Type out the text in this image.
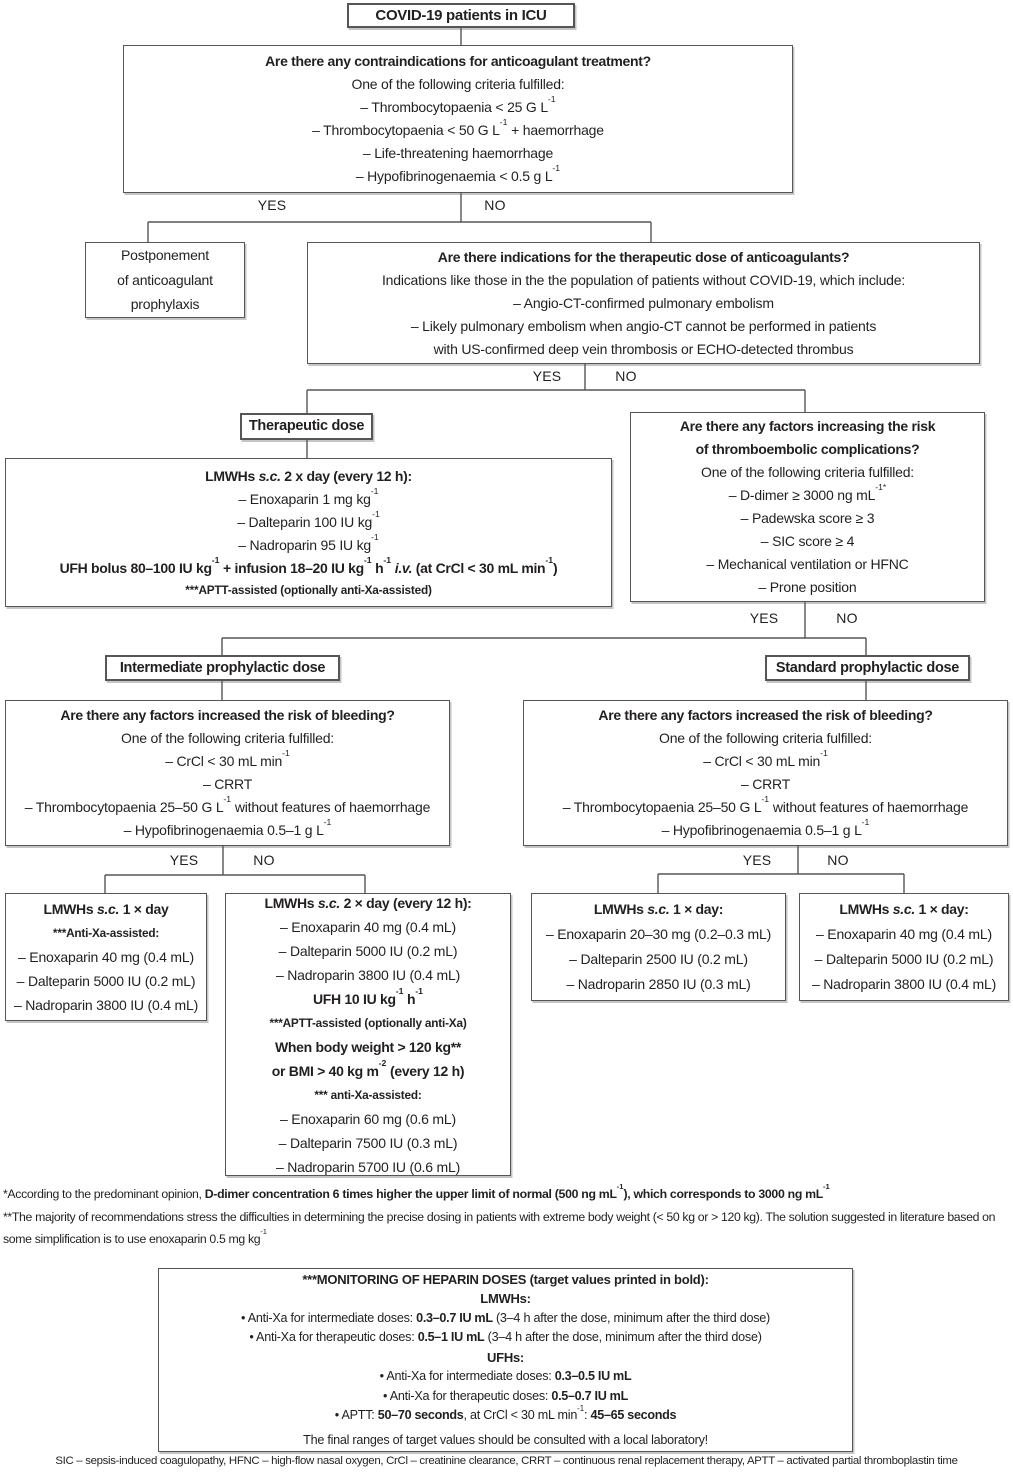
COVID-19 patients in ICU
Are there any contraindications for anticoagulant treatment?
One of the following criteria fulfilled:
– Thrombocytopaenia < 25 G $L^{-1}$
– Thrombocytopaenia < 50 G $L^{-1}$ + haemorrhage
– Life-threatening haemorrhage
– Hypofibrinogenaemia < 0.5 g $L^{-1}$
Postponement
of anticoagulant
prophylaxis
Are there indications for the therapeutic dose of anticoagulants?
Indications like those in the the population of patients without COVID-19, which include:
– Angio-CT-confirmed pulmonary embolism
– Likely pulmonary embolism when angio-CT cannot be performed in patients
with US-confirmed deep vein thrombosis or ECHO-detected thrombus
Therapeutic dose
LMWHs s.c. 2 x day (every 12 h):
– Enoxaparin 1 mg $kg^{-1}$
– Dalteparin 100 IU $kg^{-1}$
– Nadroparin 95 IU $kg^{-1}$
UFH bolus 80–100 IU $kg^{-1}$ + infusion 18–20 IU $kg^{-1}$ $h^{-1}$ i.v. (at CrCl < 30 mL $\min^{-1}$)
***APTT-assisted (optionally anti-Xa-assisted)
Are there any factors increasing the risk
of thromboembolic complications?
One of the following criteria fulfilled:
– D-dimer ≥ 3000 ng $mL^{-1*}$
– Padewska score ≥ 3
– SIC score ≥ 4
– Mechanical ventilation or HFNC
– Prone position
Intermediate prophylactic dose	Standard prophylactic dose
Are there any factors increased the risk of bleeding?
One of the following criteria fulfilled:
– CrCl < 30 mL $\min^{-1}$
– CRRT
– Thrombocytopaenia 25–50 G $L^{-1}$ without features of haemorrhage
– Hypofibrinogenaemia 0.5–1 g $L^{-1}$
Are there any factors increased the risk of bleeding?
One of the following criteria fulfilled:
– CrCl < 30 mL $\min^{-1}$
– CRRT
– Thrombocytopaenia 25–50 G $L^{-1}$ without features of haemorrhage
– Hypofibrinogenaemia 0.5–1 g $L^{-1}$
LMWHs s.c. 1 × day
***Anti-Xa-assisted:
– Enoxaparin 40 mg (0.4 mL)
– Dalteparin 5000 IU (0.2 mL)
– Nadroparin 3800 IU (0.4 mL)
LMWHs s.c. 2 × day (every 12 h):
– Enoxaparin 40 mg (0.4 mL)
– Dalteparin 5000 IU (0.2 mL)
– Nadroparin 3800 IU (0.4 mL)
UFH 10 IU $kg^{-1}$ $h^{-1}$
***APTT-assisted (optionally anti-Xa)
When body weight > 120 kg**
or BMI > 40 kg $m^{-2}$ (every 12 h)
*** anti-Xa-assisted:
– Enoxaparin 60 mg (0.6 mL)
– Dalteparin 7500 IU (0.3 mL)
– Nadroparin 5700 IU (0.6 mL)
LMWHs s.c. 1 × day:
– Enoxaparin 20–30 mg (0.2–0.3 mL)
– Dalteparin 2500 IU (0.2 mL)
– Nadroparin 2850 IU (0.3 mL)
LMWHs s.c. 1 × day:
– Enoxaparin 40 mg (0.4 mL)
– Dalteparin 5000 IU (0.2 mL)
– Nadroparin 3800 IU (0.4 mL)
***MONITORING OF HEPARIN DOSES (target values printed in bold):
LMWHs:
• Anti-Xa for intermediate doses: 0.3–0.7 IU mL (3–4 h after the dose, minimum after the third dose)
• Anti-Xa for therapeutic doses: 0.5–1 IU mL (3–4 h after the dose, minimum after the third dose)
UFHs:
• Anti-Xa for intermediate doses: 0.3–0.5 IU mL
• Anti-Xa for therapeutic doses: 0.5–0.7 IU mL
• APTT: 50–70 seconds, at CrCl < 30 mL $\min^{-1}$: 45–65 seconds
The final ranges of target values should be consulted with a local laboratory!
YES	NO
YES	NO
YES	NO
YES	NO	YES	NO
*According to the predominant opinion, D-dimer concentration 6 times higher the upper limit of normal (500 ng $mL^{-1}$), which corresponds to 3000 ng $mL^{-1}$
**The majority of recommendations stress the difficulties in determining the precise dosing in patients with extreme body weight (< 50 kg or > 120 kg). The solution suggested in literature based on some simplification is to use enoxaparin 0.5 mg $kg^{-1}$
SIC – sepsis-induced coagulopathy, HFNC – high-flow nasal oxygen, CrCl – creatinine clearance, CRRT – continuous renal replacement therapy, APTT – activated partial thromboplastin time
